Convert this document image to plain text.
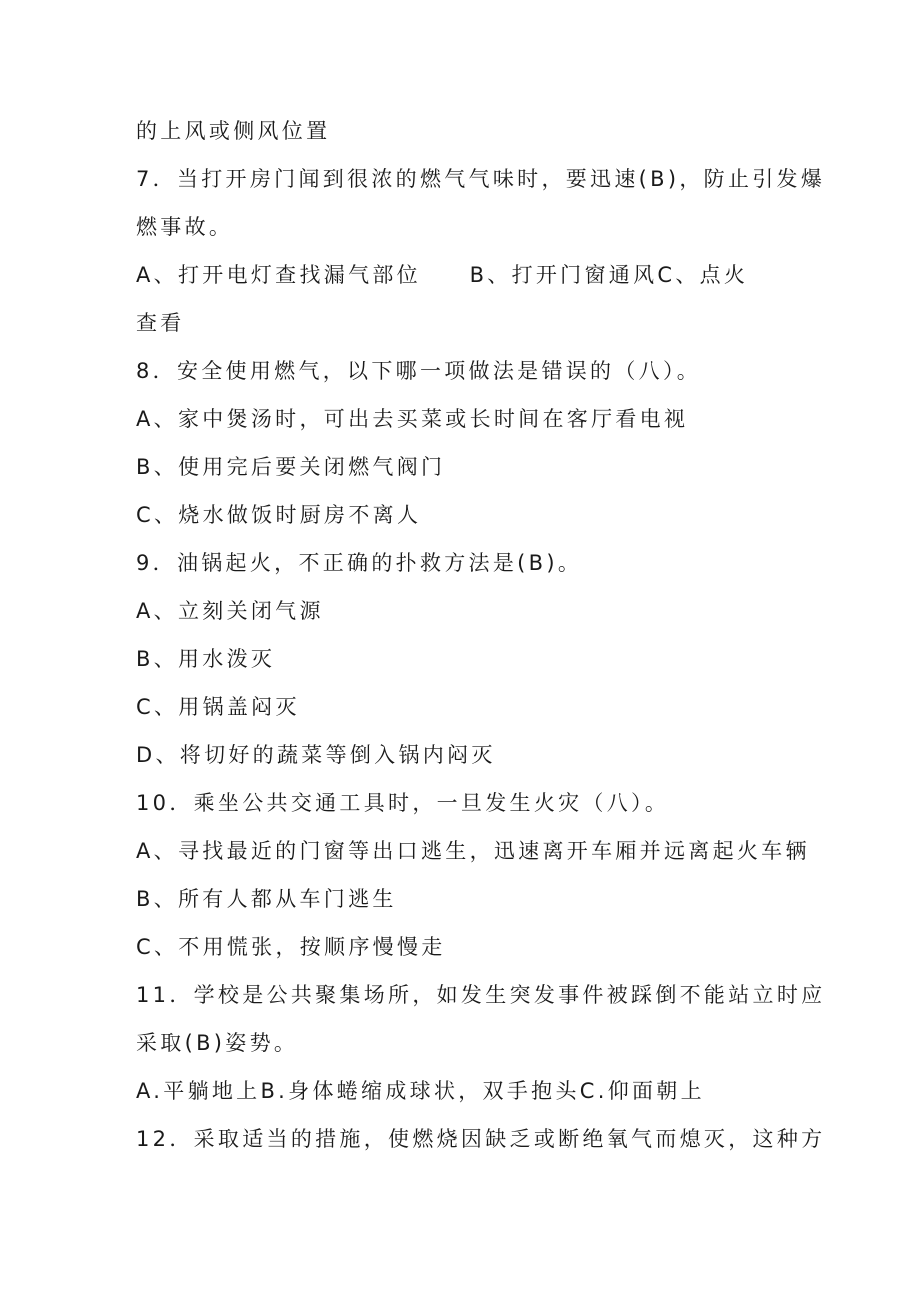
的上风或侧风位置
7．当打开房门闻到很浓的燃气气味时，要迅速(B)，防止引发爆
燃事故。
A、打开电灯查找漏气部位　　B、打开门窗通风C、点火
查看
8．安全使用燃气，以下哪一项做法是错误的（八）。
A、家中煲汤时，可出去买菜或长时间在客厅看电视
B、使用完后要关闭燃气阀门
C、烧水做饭时厨房不离人
9．油锅起火，不正确的扑救方法是(B)。
A、立刻关闭气源
B、用水泼灭
C、用锅盖闷灭
D、将切好的蔬菜等倒入锅内闷灭
10．乘坐公共交通工具时，一旦发生火灾（八）。
A、寻找最近的门窗等出口逃生，迅速离开车厢并远离起火车辆
B、所有人都从车门逃生
C、不用慌张，按顺序慢慢走
11．学校是公共聚集场所，如发生突发事件被踩倒不能站立时应
采取(B)姿势。
A.平躺地上B.身体蜷缩成球状，双手抱头C.仰面朝上
12．采取适当的措施，使燃烧因缺乏或断绝氧气而熄灭，这种方
